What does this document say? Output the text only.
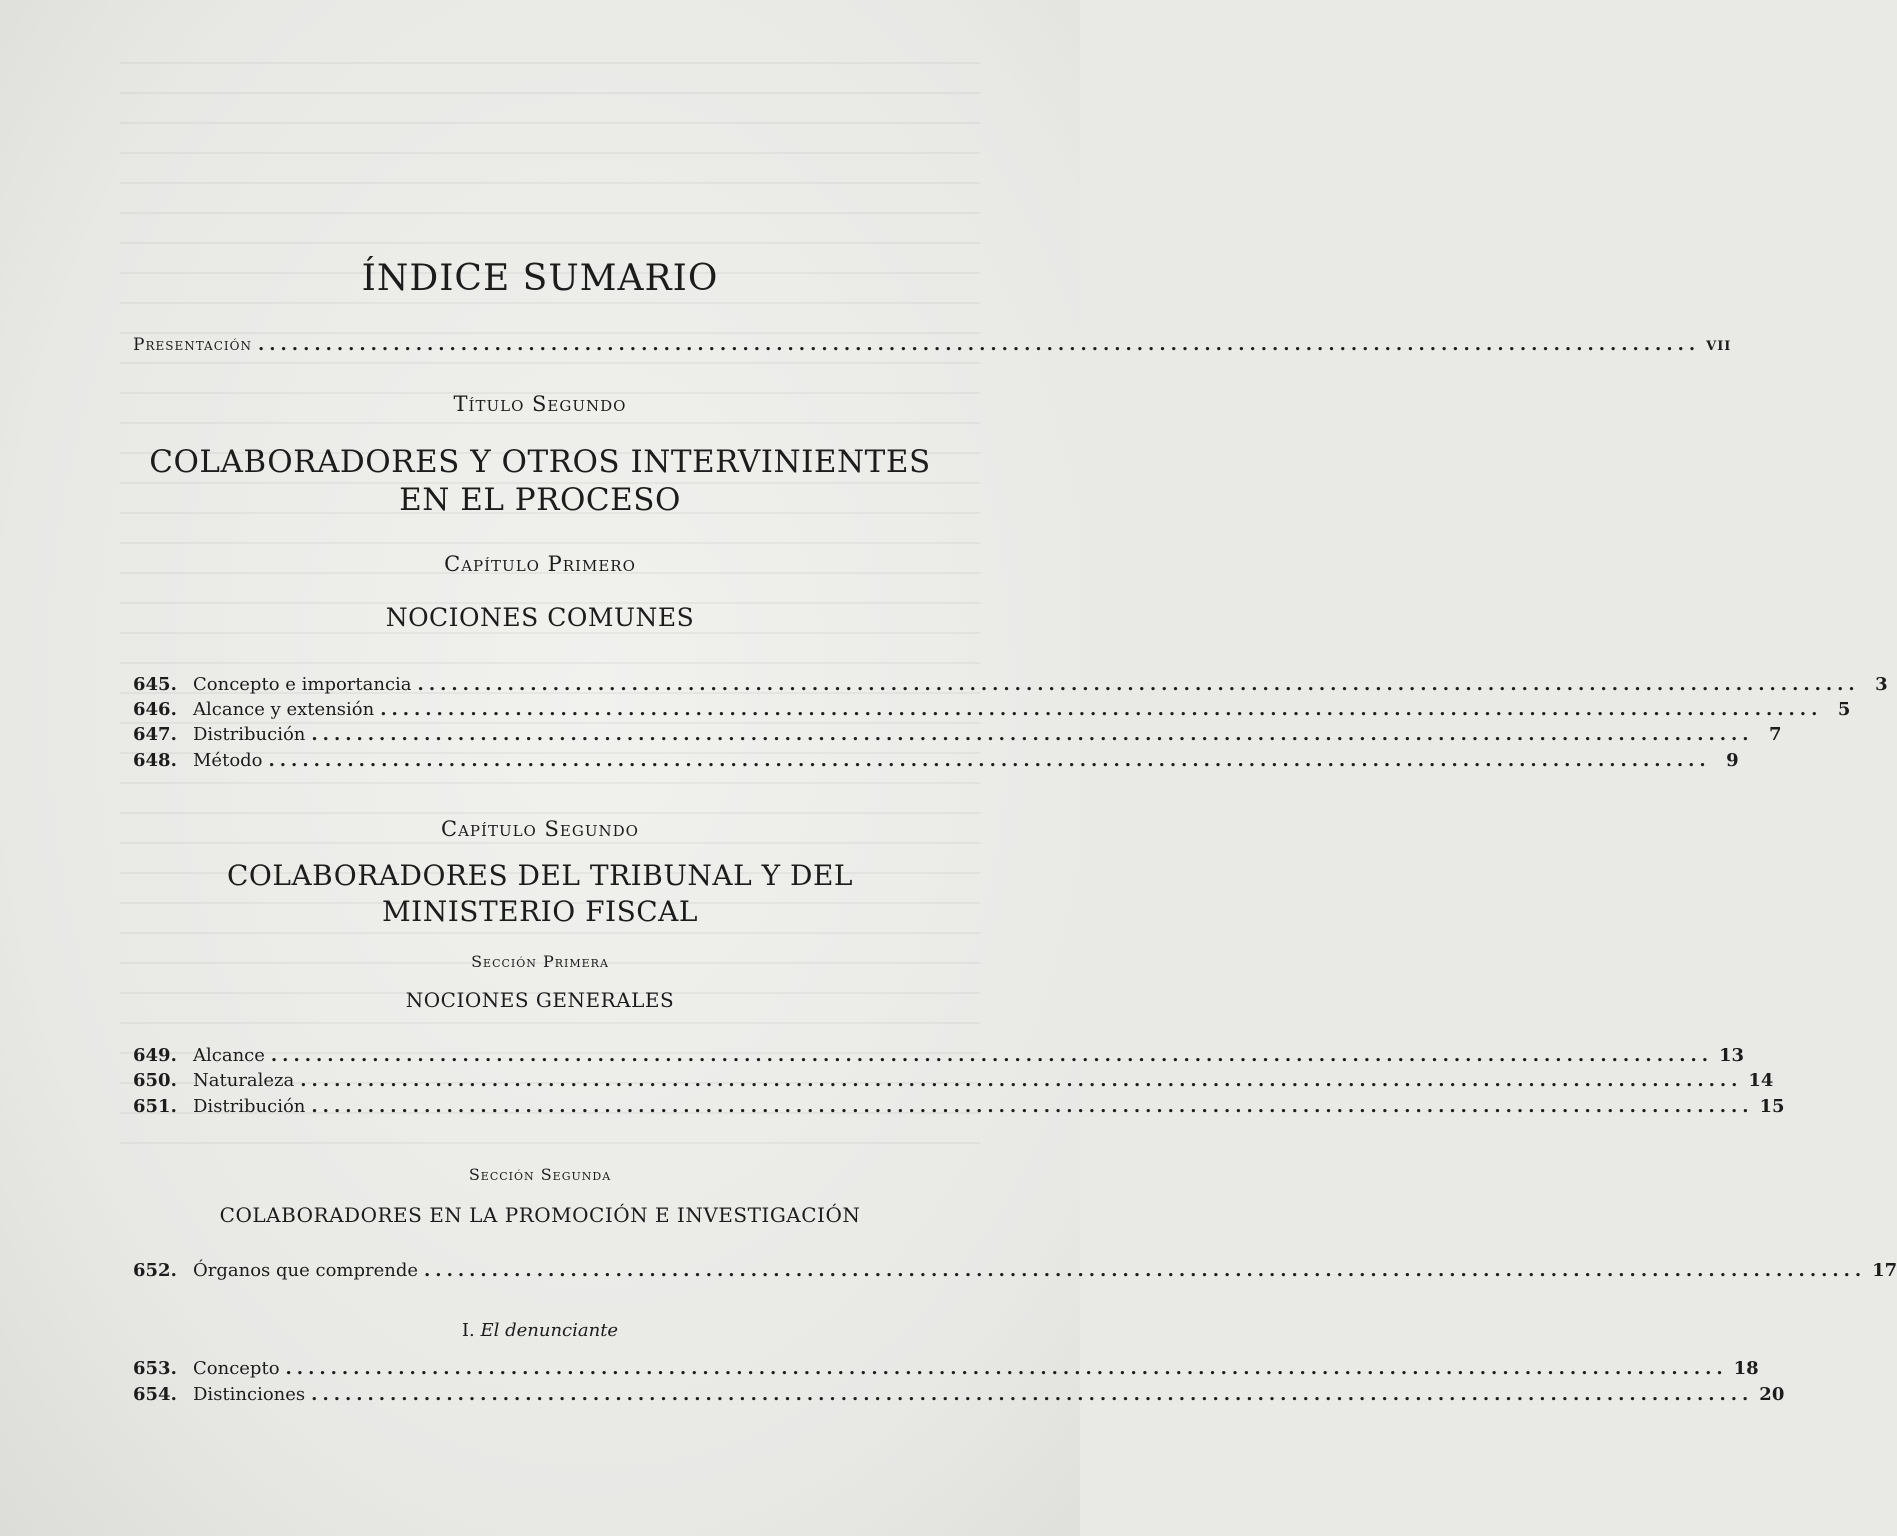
ÍNDICE SUMARIO
Presentación ................................................................................................................................ vii
Título Segundo
COLABORADORES Y OTROS INTERVINIENTES
EN EL PROCESO
Capítulo Primero
NOCIONES COMUNES
645. Concepto e importancia ................................................................................................................................ 3
646. Alcance y extensión ................................................................................................................................ 5
647. Distribución ................................................................................................................................ 7
648. Método ................................................................................................................................ 9
Capítulo Segundo
COLABORADORES DEL TRIBUNAL Y DEL
MINISTERIO FISCAL
Sección Primera
NOCIONES GENERALES
649. Alcance ................................................................................................................................ 13
650. Naturaleza ................................................................................................................................ 14
651. Distribución ................................................................................................................................ 15
Sección Segunda
COLABORADORES EN LA PROMOCIÓN E INVESTIGACIÓN
652. Órganos que comprende ................................................................................................................................ 17
I. El denunciante
653. Concepto ................................................................................................................................ 18
654. Distinciones ................................................................................................................................ 20
